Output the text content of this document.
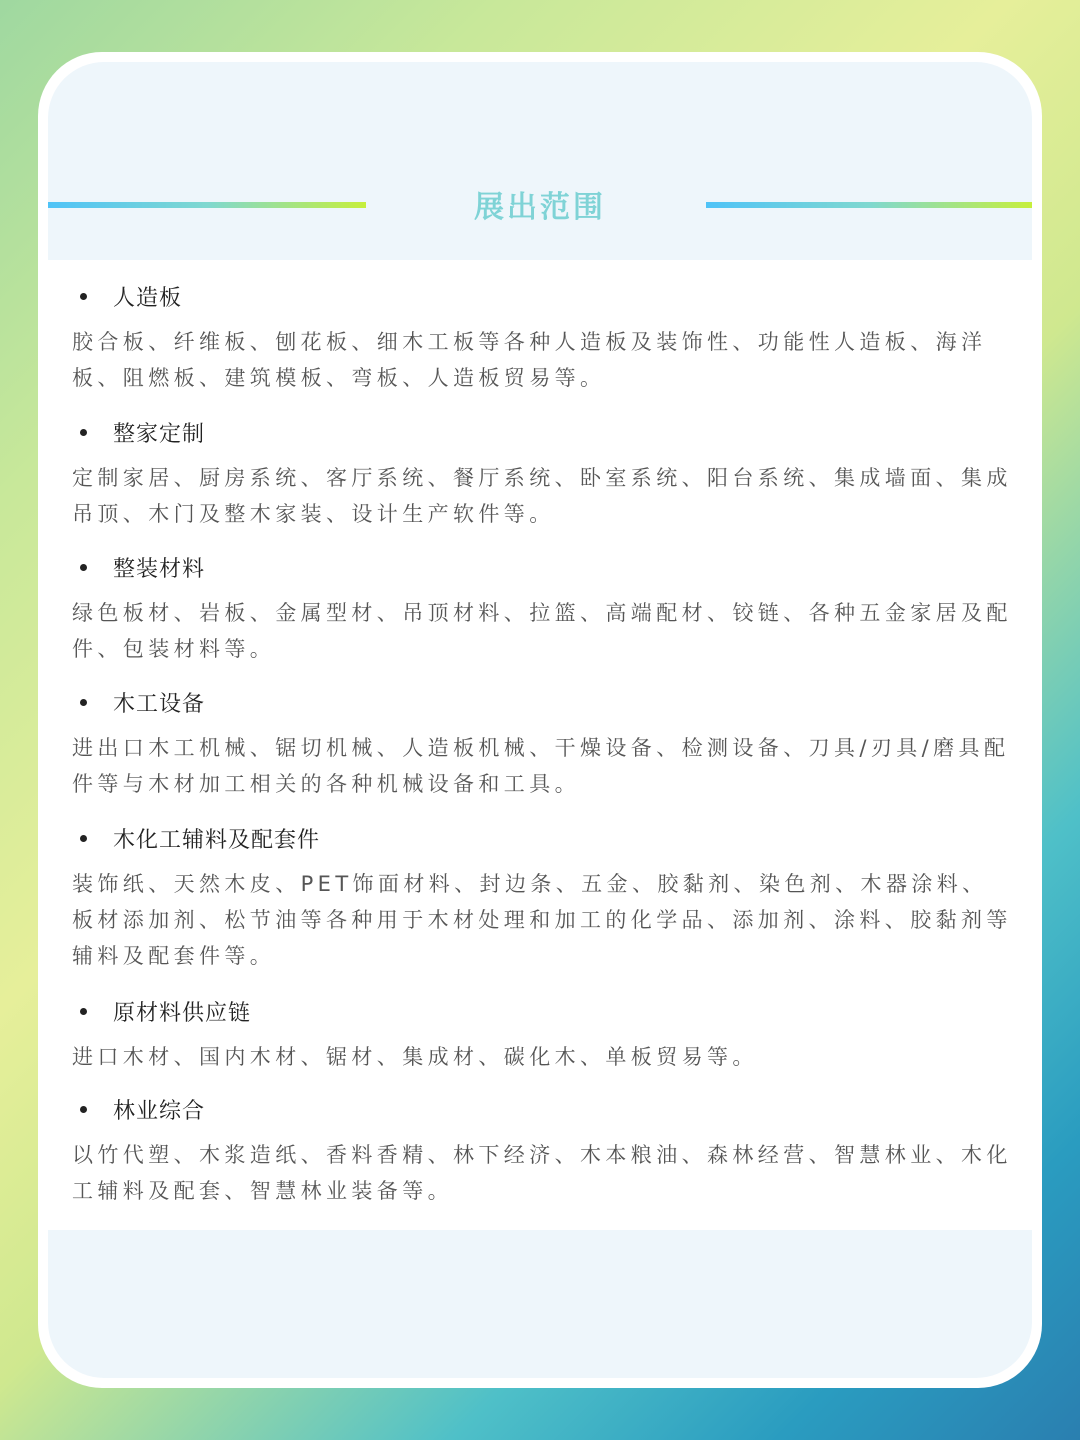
展出范围
人造板
胶合板、纤维板、刨花板、细木工板等各种人造板及装饰性、功能性人造板、海洋板、阻燃板、建筑模板、弯板、人造板贸易等。
整家定制
定制家居、厨房系统、客厅系统、餐厅系统、卧室系统、阳台系统、集成墙面、集成吊顶、木门及整木家装、设计生产软件等。
整装材料
绿色板材、岩板、金属型材、吊顶材料、拉篮、高端配材、铰链、各种五金家居及配件、包装材料等。
木工设备
进出口木工机械、锯切机械、人造板机械、干燥设备、检测设备、刀具/刃具/磨具配件等与木材加工相关的各种机械设备和工具。
木化工辅料及配套件
装饰纸、天然木皮、PET饰面材料、封边条、五金、胶黏剂、染色剂、木器涂料、板材添加剂、松节油等各种用于木材处理和加工的化学品、添加剂、涂料、胶黏剂等辅料及配套件等。
原材料供应链
进口木材、国内木材、锯材、集成材、碳化木、单板贸易等。
林业综合
以竹代塑、木浆造纸、香料香精、林下经济、木本粮油、森林经营、智慧林业、木化工辅料及配套、智慧林业装备等。
